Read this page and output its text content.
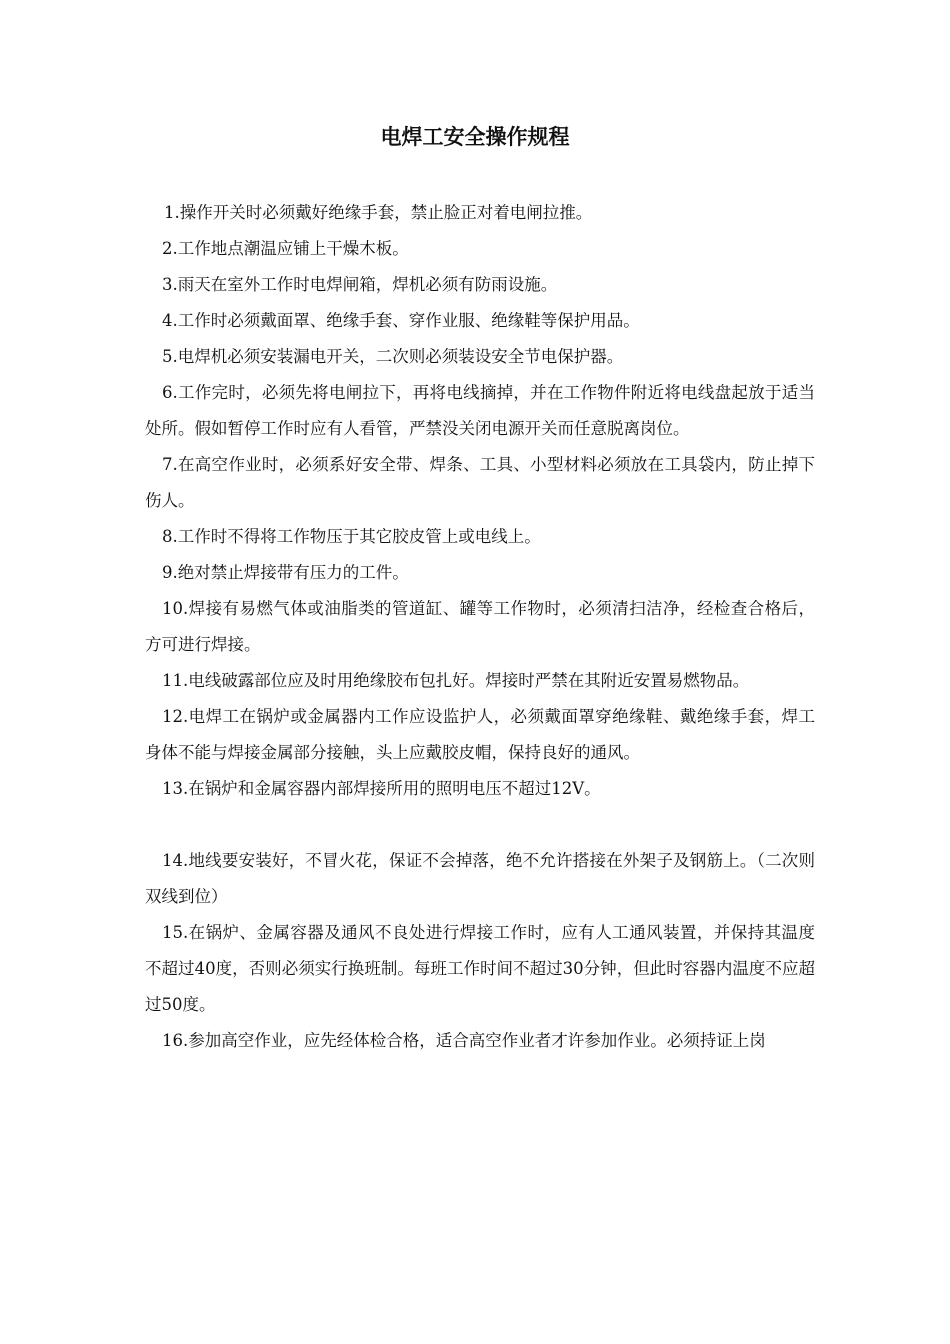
电焊工安全操作规程

1.操作开关时必须戴好绝缘手套，禁止脸正对着电闸拉推。

2.工作地点潮温应铺上干燥木板。

3.雨天在室外工作时电焊闸箱，焊机必须有防雨设施。

4.工作时必须戴面罩、绝缘手套、穿作业服、绝缘鞋等保护用品。

5.电焊机必须安装漏电开关，二次则必须装设安全节电保护器。

6.工作完时，必须先将电闸拉下，再将电线摘掉，并在工作物件附近将电线盘起放于适当处所。假如暂停工作时应有人看管，严禁没关闭电源开关而任意脱离岗位。

7.在高空作业时，必须系好安全带、焊条、工具、小型材料必须放在工具袋内，防止掉下伤人。

8.工作时不得将工作物压于其它胶皮管上或电线上。

9.绝对禁止焊接带有压力的工件。

10.焊接有易燃气体或油脂类的管道缸、罐等工作物时，必须清扫洁净，经检查合格后，方可进行焊接。

11.电线破露部位应及时用绝缘胶布包扎好。焊接时严禁在其附近安置易燃物品。

12.电焊工在锅炉或金属器内工作应设监护人，必须戴面罩穿绝缘鞋、戴绝缘手套，焊工身体不能与焊接金属部分接触，头上应戴胶皮帽，保持良好的通风。

13.在锅炉和金属容器内部焊接所用的照明电压不超过12V。

14.地线要安装好，不冒火花，保证不会掉落，绝不允许搭接在外架子及钢筋上。（二次则双线到位）

15.在锅炉、金属容器及通风不良处进行焊接工作时，应有人工通风装置，并保持其温度不超过40度，否则必须实行换班制。每班工作时间不超过30分钟，但此时容器内温度不应超过50度。

16.参加高空作业，应先经体检合格，适合高空作业者才许参加作业。必须持证上岗
